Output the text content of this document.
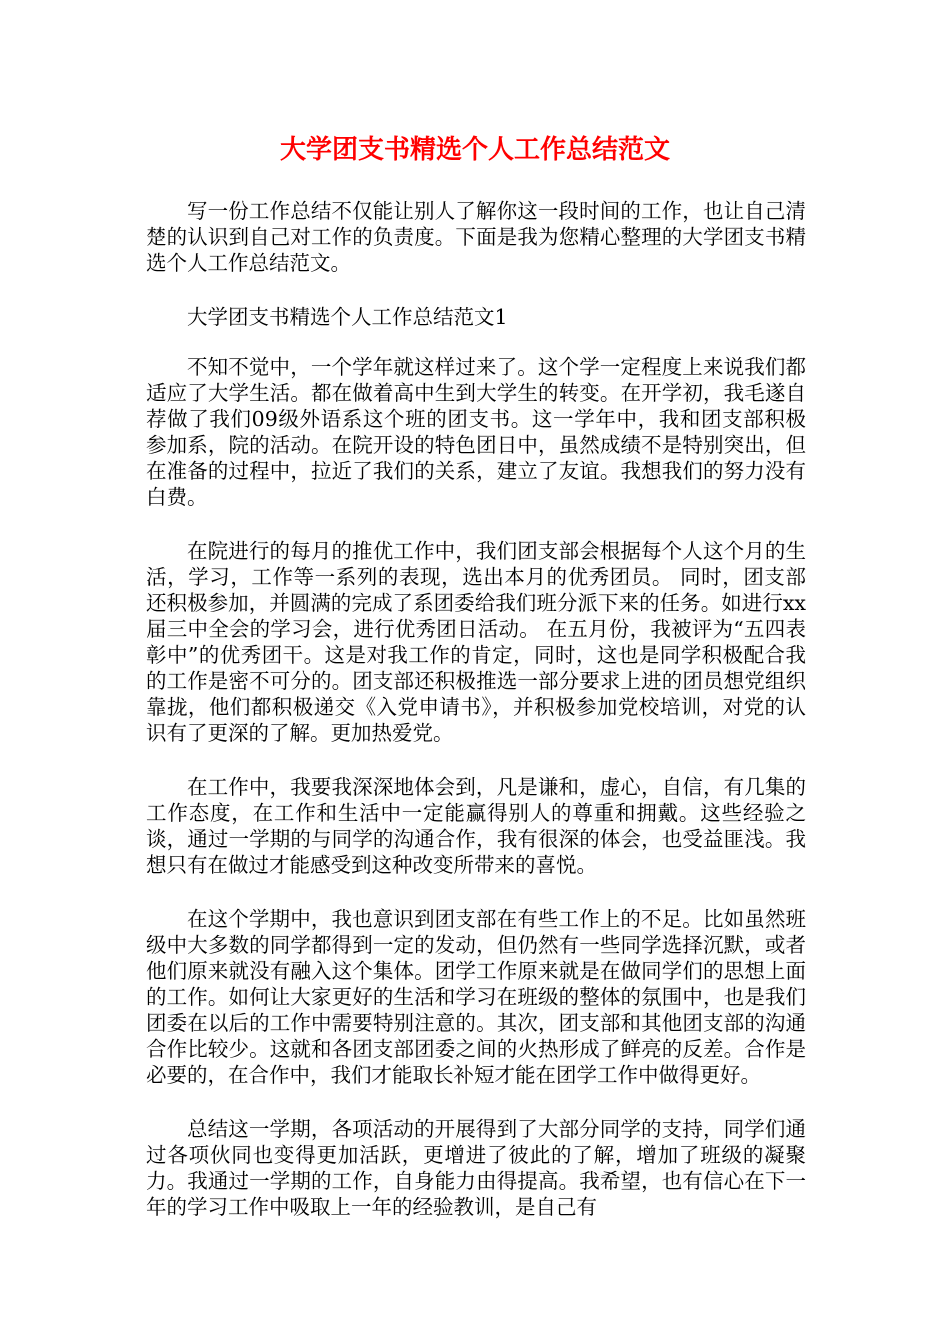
大学团支书精选个人工作总结范文

写一份工作总结不仅能让别人了解你这一段时间的工作，也让自己清楚的认识到自己对工作的负责度。下面是我为您精心整理的大学团支书精选个人工作总结范文。

大学团支书精选个人工作总结范文1

不知不觉中，一个学年就这样过来了。这个学一定程度上来说我们都适应了大学生活。都在做着高中生到大学生的转变。在开学初，我毛遂自荐做了我们09级外语系这个班的团支书。这一学年中，我和团支部积极参加系，院的活动。在院开设的特色团日中，虽然成绩不是特别突出，但在准备的过程中，拉近了我们的关系，建立了友谊。我想我们的努力没有白费。

在院进行的每月的推优工作中，我们团支部会根据每个人这个月的生活，学习，工作等一系列的表现，选出本月的优秀团员。 同时，团支部还积极参加，并圆满的完成了系团委给我们班分派下来的任务。如进行xx届三中全会的学习会，进行优秀团日活动。 在五月份，我被评为“五四表彰中”的优秀团干。这是对我工作的肯定，同时，这也是同学积极配合我的工作是密不可分的。团支部还积极推选一部分要求上进的团员想党组织靠拢，他们都积极递交《入党申请书》，并积极参加党校培训，对党的认识有了更深的了解。更加热爱党。

在工作中，我要我深深地体会到，凡是谦和，虚心，自信，有几集的工作态度，在工作和生活中一定能赢得别人的尊重和拥戴。这些经验之谈，通过一学期的与同学的沟通合作，我有很深的体会，也受益匪浅。我想只有在做过才能感受到这种改变所带来的喜悦。

在这个学期中，我也意识到团支部在有些工作上的不足。比如虽然班级中大多数的同学都得到一定的发动，但仍然有一些同学选择沉默，或者他们原来就没有融入这个集体。团学工作原来就是在做同学们的思想上面的工作。如何让大家更好的生活和学习在班级的整体的氛围中，也是我们团委在以后的工作中需要特别注意的。其次，团支部和其他团支部的沟通合作比较少。这就和各团支部团委之间的火热形成了鲜亮的反差。合作是必要的，在合作中，我们才能取长补短才能在团学工作中做得更好。

总结这一学期，各项活动的开展得到了大部分同学的支持，同学们通过各项伙同也变得更加活跃，更增进了彼此的了解，增加了班级的凝聚力。我通过一学期的工作，自身能力由得提高。我希望，也有信心在下一年的学习工作中吸取上一年的经验教训，是自己有
